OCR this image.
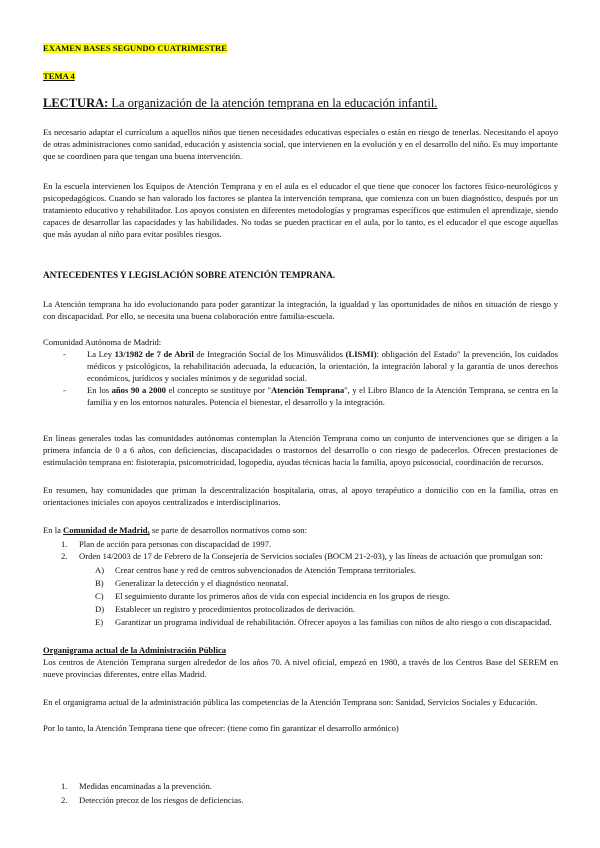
EXAMEN BASES SEGUNDO CUATRIMESTRE
TEMA 4
LECTURA: La organización de la atención temprana en la educación infantil.
Es necesario adaptar el currículum a aquellos niños que tienen necesidades educativas especiales o están en riesgo de tenerlas. Necesitando el apoyo de otras administraciones como sanidad, educación y asistencia social, que intervienen en la evolución y en el desarrollo del niño. Es muy importante que se coordinen para que tengan una buena intervención.
En la escuela intervienen los Equipos de Atención Temprana y en el aula es el educador el que tiene que conocer los factores físico-neurológicos y psicopedagógicos. Cuando se han valorado los factores se plantea la intervención temprana, que comienza con un buen diagnóstico, después por un tratamiento educativo y rehabilitador. Los apoyos consisten en diferentes metodologías y programas específicos que estimulen el aprendizaje, siendo capaces de desarrollar las capacidades y las habilidades. No todas se pueden practicar en el aula, por lo tanto, es el educador el que escoge aquellas que más ayudan al niño para evitar posibles riesgos.
ANTECEDENTES Y LEGISLACIÓN SOBRE ATENCIÓN TEMPRANA.
La Atención temprana ha ido evolucionando para poder garantizar la integración, la igualdad y las oportunidades de niños en situación de riesgo y con discapacidad. Por ello, se necesita una buena colaboración entre familia-escuela.
Comunidad Autónoma de Madrid:
- La Ley 13/1982 de 7 de Abril de Integración Social de los Minusválidos (LISMI): obligación del Estado" la prevención, los cuidados médicos y psicológicos, la rehabilitación adecuada, la educación, la orientación, la integración laboral y la garantía de unos derechos económicos, jurídicos y sociales mínimos y de seguridad social.
- En los años 90 a 2000 el concepto se sustituye por "Atención Temprana", y el Libro Blanco de la Atención Temprana, se centra en la familia y en los entornos naturales. Potencia el bienestar, el desarrollo y la integración.
En líneas generales todas las comunidades autónomas contemplan la Atención Temprana como un conjunto de intervenciones que se dirigen a la primera infancia de 0 a 6 años, con deficiencias, discapacidades o trastornos del desarrollo o con riesgo de padecerlos. Ofrecen prestaciones de estimulación temprana en: fisioterapia, psicomotricidad, logopedia, ayudas técnicas hacia la familia, apoyo psicosocial, coordinación de recursos.
En resumen, hay comunidades que priman la descentralización hospitalaria, otras, al apoyo terapéutico a domicilio con en la familia, otras en orientaciones iniciales con apoyos centralizados e interdisciplinarios.
En la Comunidad de Madrid, se parte de desarrollos normativos como son:
1. Plan de acción para personas con discapacidad de 1997.
2. Orden 14/2003 de 17 de Febrero de la Consejería de Servicios sociales (BOCM 21-2-03), y las líneas de actuación que promulgan son:
A) Crear centros base y red de centros subvencionados de Atención Temprana territoriales.
B) Generalizar la detección y el diagnóstico neonatal.
C) El seguimiento durante los primeros años de vida con especial incidencia en los grupos de riesgo.
D) Establecer un registro y procedimientos protocolizados de derivación.
E) Garantizar un programa individual de rehabilitación. Ofrecer apoyos a las familias con niños de alto riesgo o con discapacidad.
Organigrama actual de la Administración Pública
Los centros de Atención Temprana surgen alrededor de los años 70. A nivel oficial, empezó en 1980, a través de los Centros Base del SEREM en nueve provincias diferentes, entre ellas Madrid.
En el organigrama actual de la administración pública las competencias de la Atención Temprana son: Sanidad, Servicios Sociales y Educación.
Por lo tanto, la Atención Temprana tiene que ofrecer: (tiene como fin garantizar el desarrollo armónico)
1. Medidas encaminadas a la prevención.
2. Detección precoz de los riesgos de deficiencias.
